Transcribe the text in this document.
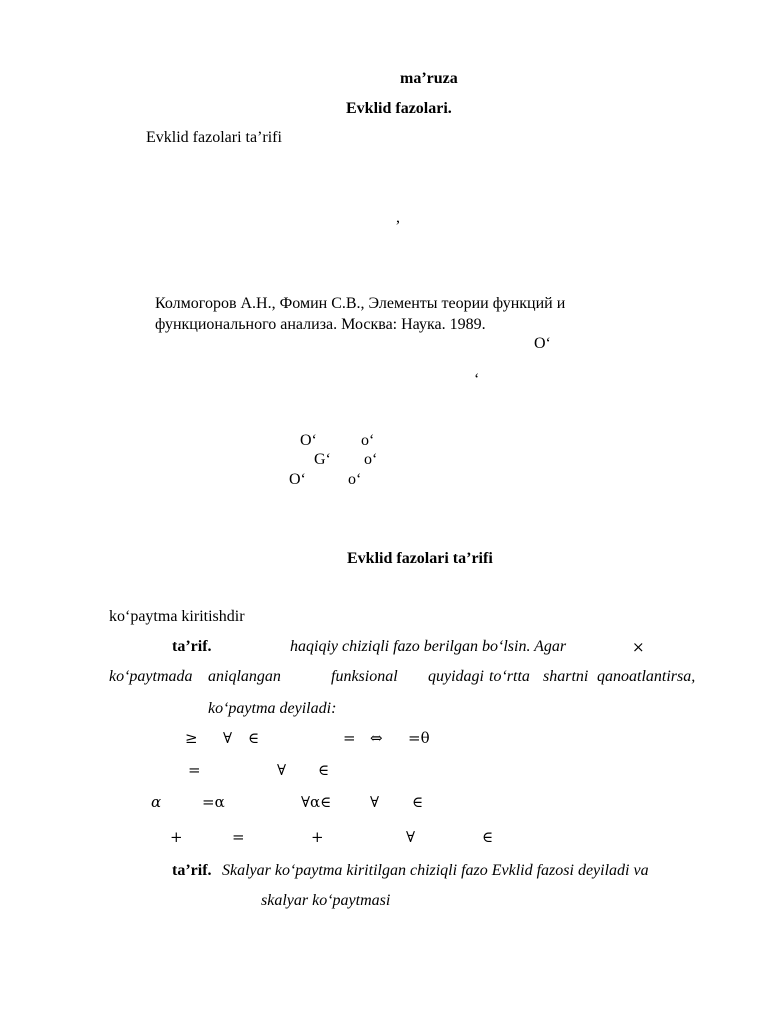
ma’ruza
Evklid fazolari.
Evklid fazolari ta’rifi
,
Колмогоров А.Н., Фомин С.В., Элементы теории функций и
функционального анализа. Москва: Наука. 1989.
O‘
‘
O‘	o‘
G‘ o‘
O‘	o‘
Evklid fazolari ta’rifi
ko‘paytma kiritishdir
ta’rif.	haqiqiy chiziqli fazo berilgan bo‘lsin. Agar	×
ko‘paytmada aniqlangan	funksional quyidagi to‘rtta shartni qanoatlantirsa,
ko‘paytma deyiladi:
≥ ∀ ∈	= ⇔ =θ
=	∀ ∈
α	=α	∀α∈	∀ ∈
+	=	+	∀	∈
ta’rif. Skalyar ko‘paytma kiritilgan chiziqli fazo Evklid fazosi deyiladi va
skalyar ko‘paytmasi
